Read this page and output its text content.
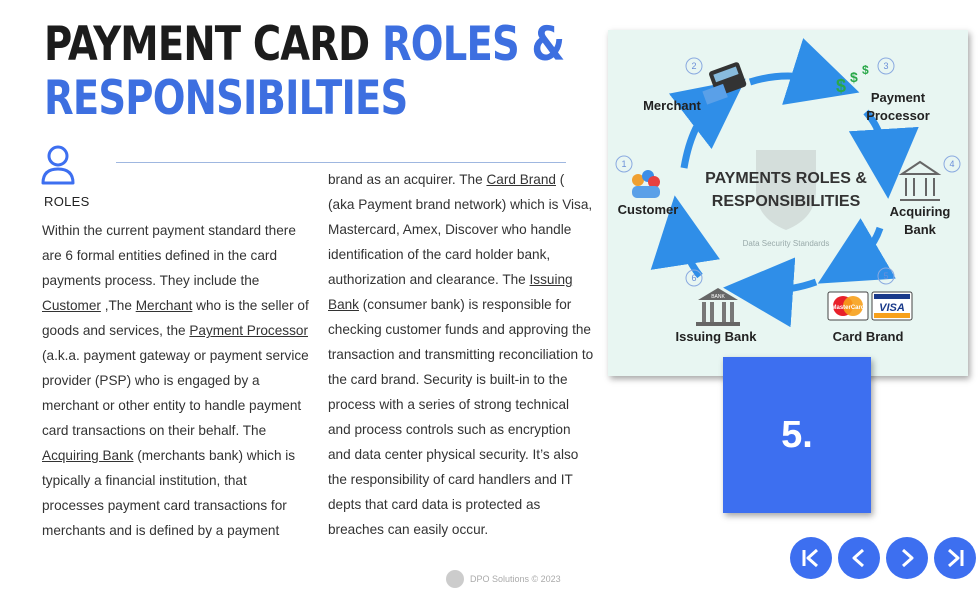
PAYMENT CARD ROLES &
RESPONSIBILTIES
ROLES
Within the current payment standard there are 6 formal entities defined in the card payments process. They include the Customer ,The Merchant who is the seller of goods and services, the Payment Processor (a.k.a. payment gateway or payment service provider (PSP) who is engaged by a merchant or other entity to handle payment card transactions on their behalf. The Acquiring Bank (merchants bank) which is typically a financial institution, that processes payment card transactions for merchants and is defined by a payment
brand as an acquirer. The Card Brand ( (aka Payment brand network) which is Visa, Mastercard, Amex, Discover who handle identification of the card holder bank, authorization and clearance. The Issuing Bank (consumer bank) is responsible for checking customer funds and approving the transaction and transmitting reconciliation to the card brand. Security is built-in to the process with a series of strong technical and process controls such as encryption and data center physical security. It’s also the responsibility of card handlers and IT depts that card data is protected as breaches can easily occur.
Data Security Standards
PAYMENTS ROLES &
RESPONSIBILITIES
1
2	3
4
5
6
Customer
Merchant
$ $ $
Payment
Processor
Acquiring
Bank
MasterCard VISA
Card Brand
BANK
Issuing Bank
5.
DPO Solutions © 2023
